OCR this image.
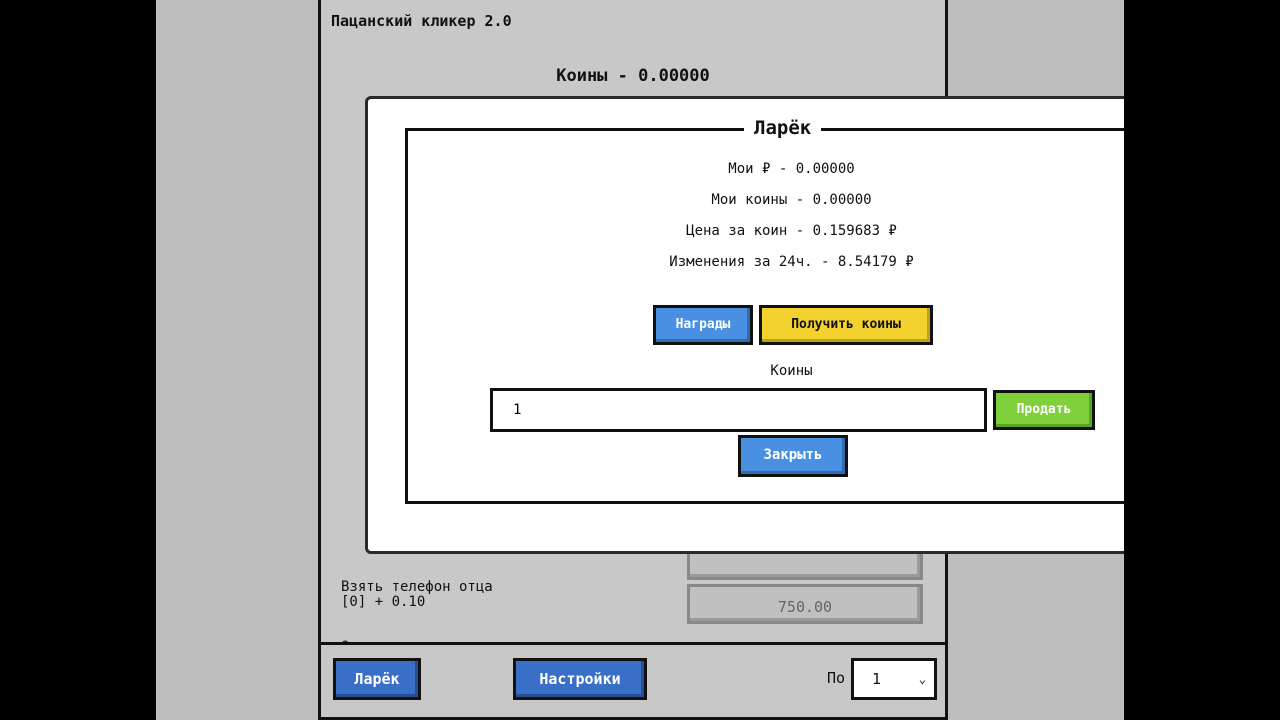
Пацанский кликер 2.0
Коины - 0.00000
Взять телефон отца
[0] + 0.10	750.00
Ларёк	Настройки	По	1	⌄
Ларёк
Мои ₽ - 0.00000
Мои коины - 0.00000
Цена за коин - 0.159683 ₽
Изменения за 24ч. - 8.54179 ₽
Награды	Получить коины
Коины
1
Продать
Закрыть
